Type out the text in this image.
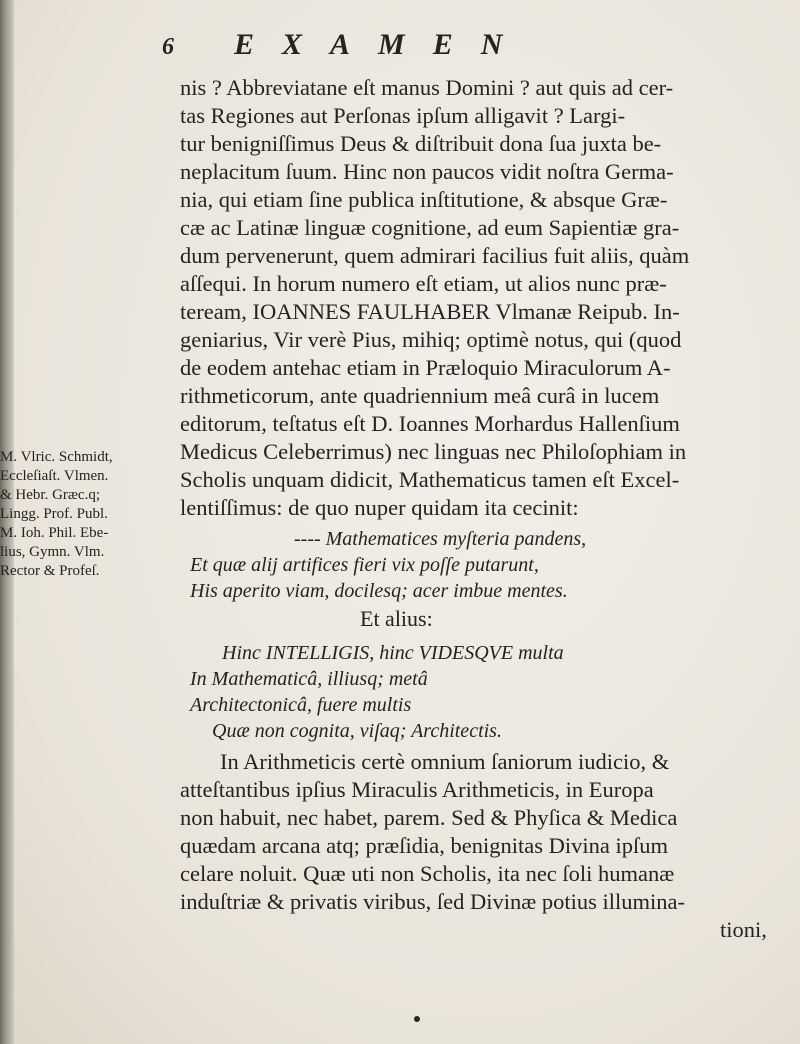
6 EXAMEN
nis ? Abbreviatane eſt manus Domini ? aut quis ad cer-
tas Regiones aut Perſonas ipſum alligavit ? Largi-
tur benigniſſimus Deus & diſtribuit dona ſua juxta be-
neplacitum ſuum. Hinc non paucos vidit noſtra Germa-
nia, qui etiam ſine publica inſtitutione, & absque Græ-
cæ ac Latinæ linguæ cognitione, ad eum Sapientiæ gra-
dum pervenerunt, quem admirari facilius fuit aliis, quàm
aſſequi. In horum numero eſt etiam, ut alios nunc præ-
teream, IOANNES FAULHABER Vlmanæ Reipub. In-
geniarius, Vir verè Pius, mihiq; optimè notus, qui (quod
de eodem antehac etiam in Præloquio Miraculorum A-
rithmeticorum, ante quadriennium meâ curâ in lucem
editorum, teſtatus eſt D. Ioannes Morhardus Hallenſium
Medicus Celeberrimus) nec linguas nec Philoſophiam in
Scholis unquam didicit, Mathematicus tamen eſt Excel-
lentiſſimus: de quo nuper quidam ita cecinit:
---- Mathematices myſteria pandens,
Et quæ alij artifices fieri vix poſſe putarunt,
His aperito viam, docilesq; acer imbue mentes.
Et alius:
Hinc INTELLIGIS, hinc VIDESQVE multa
In Mathematicâ, illiusq; metâ
Architectonicâ, fuere multis
Quæ non cognita, viſaq; Architectis.
In Arithmeticis certè omnium ſaniorum iudicio, &
atteſtantibus ipſius Miraculis Arithmeticis, in Europa
non habuit, nec habet, parem. Sed & Phyſica & Medica
quædam arcana atq; præſidia, benignitas Divina ipſum
celare noluit. Quæ uti non Scholis, ita nec ſoli humanæ
induſtriæ & privatis viribus, ſed Divinæ potius illumina-
tioni,
M. Vlric. Schmidt,
Eccleſiaſt. Vlmen.
& Hebr. Græc.q;
Lingg. Prof. Publ.
M. Ioh. Phil. Ebe-
lius, Gymn. Vlm.
Rector & Profeſ.
